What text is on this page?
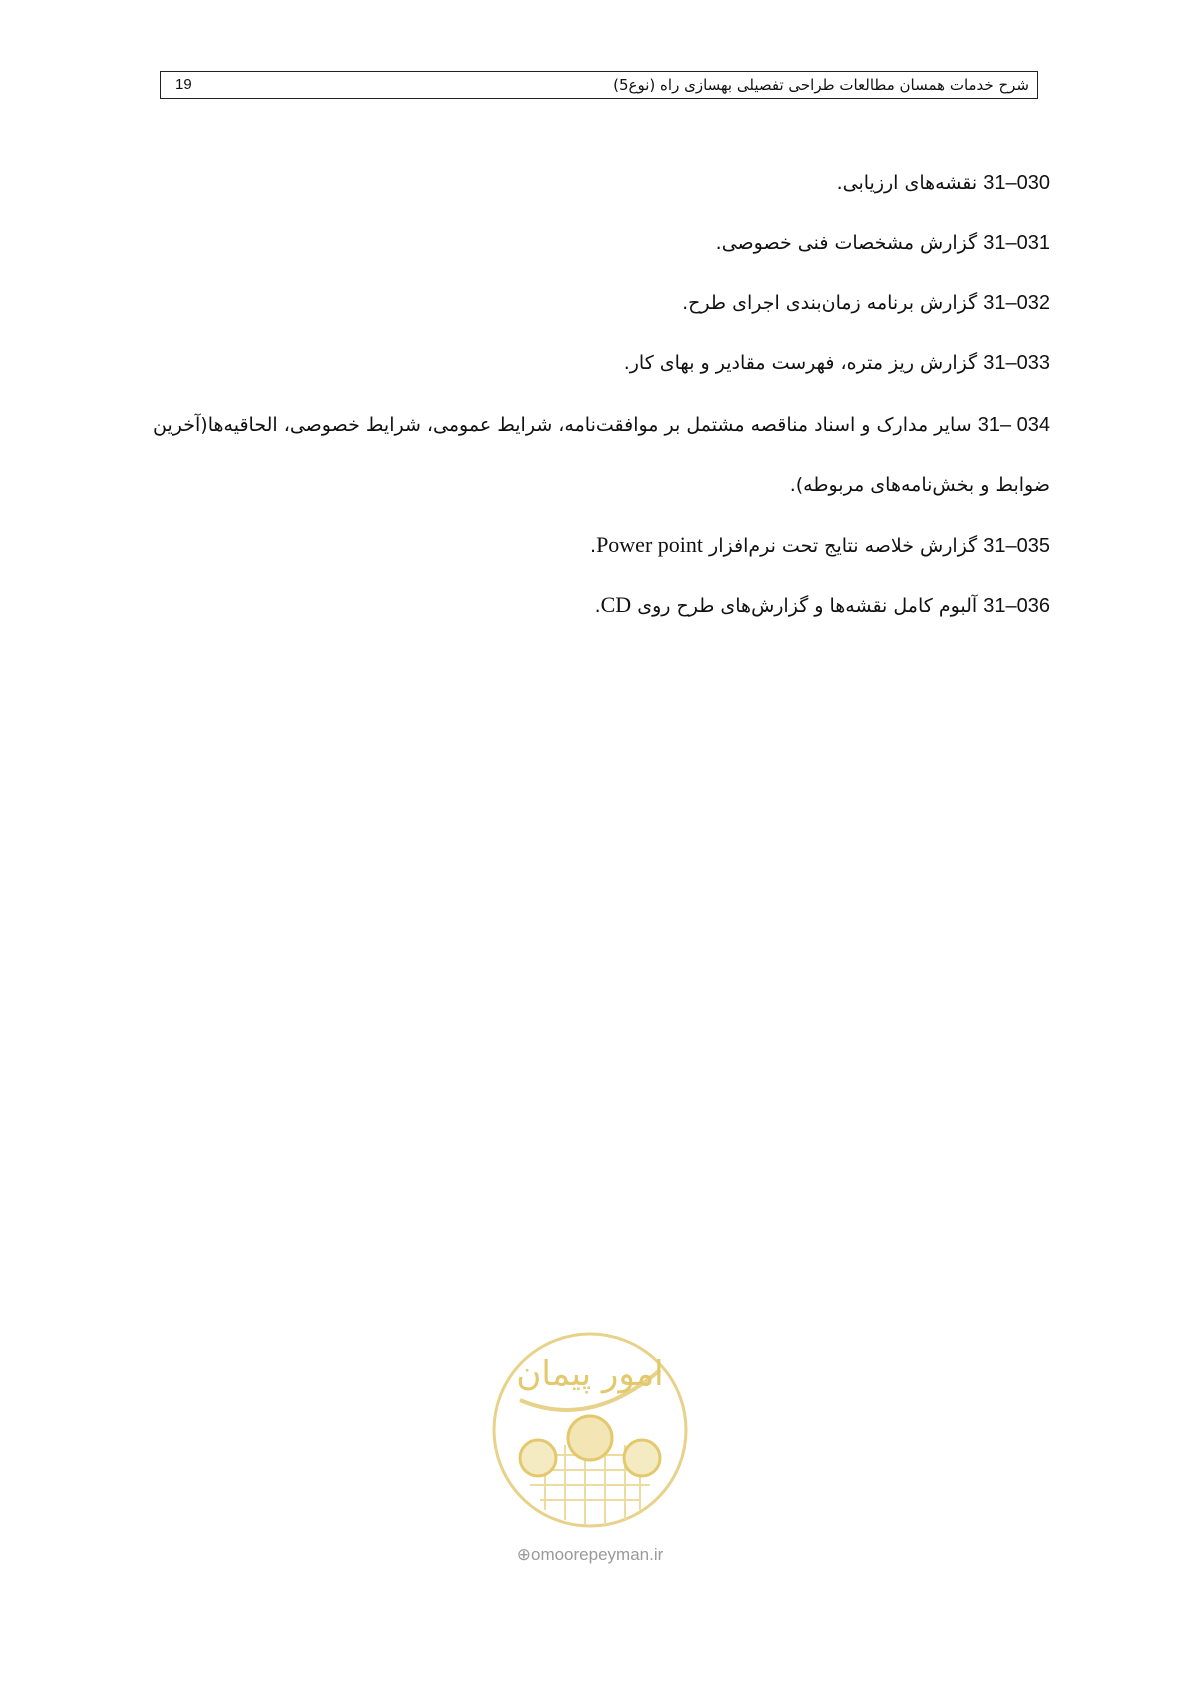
19	شرح خدمات همسان مطالعات طراحی تفصیلی بهسازی راه (نوع5)
31–030 نقشه‌های ارزیابی.
31–031 گزارش مشخصات فنی خصوصی.
31–032 گزارش برنامه زمان‌بندی اجرای طرح.
31–033 گزارش ریز متره، فهرست مقادیر و بهای کار.
31– 034 سایر مدارک و اسناد مناقصه مشتمل بر موافقت‌نامه، شرایط عمومی، شرایط خصوصی، الحاقیه‌ها(آخرین
ضوابط و بخش‌نامه‌های مربوطه).
31–035 گزارش خلاصه نتایج تحت نرم‌افزار Power point.
31–036 آلبوم کامل نقشه‌ها و گزارش‌های طرح روی CD.
امور پیمان
⊕omoorepeyman.ir
